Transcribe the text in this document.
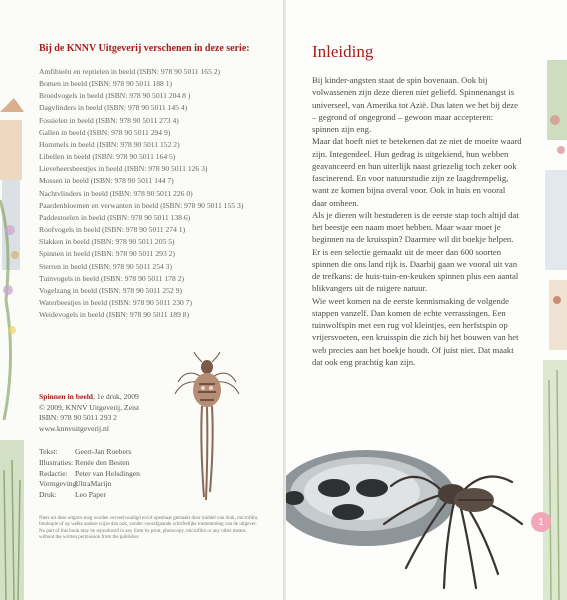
Bij de KNNV Uitgeverij verschenen in deze serie:
Amfibieën en reptielen in beeld (ISBN: 978 90 5011 165 2)
Bomen in beeld (ISBN: 978 90 5011 188 1)
Broedvogels in beeld (ISBN: 978 90 5011 204 8 )
Dagvlinders in beeld (ISBN: 978 90 5011 145 4)
Fossielen in beeld (ISBN: 978 90 5011 273 4)
Gallen in beeld (ISBN: 978 90 5011 294 9)
Hommels in beeld (ISBN: 978 90 5011 152 2)
Libellen in beeld (ISBN: 978 90 5011 164 5)
Lieveheersbeestjes in beeld (ISBN: 978 90 5011 126 3)
Mossen in beeld (ISBN: 978 90 5011 144 7)
Nachtvlinders in beeld (ISBN: 978 90 5011 226 0)
Paardenbloemen en verwanten in beeld (ISBN: 978 90 5011 155 3)
Paddestoelen in beeld (ISBN: 978 90 5011 138 6)
Roofvogels in beeld (ISBN: 978 90 5011 274 1)
Slakken in beeld (ISBN: 978 90 5011 205 5)
Spinnen in beeld (ISBN: 978 90 5011 293 2)
Sterren in beeld (ISBN: 978 90 5011 254 3)
Tuinvogels in beeld (ISBN: 978 90 5011 178 2)
Vogelzang in beeld (ISBN: 978 90 5011 252 9)
Waterbeestjes in beeld (ISBN: 978 90 5011 230 7)
Weidevogels in beeld (ISBN: 978 90 5011 189 8)
Spinnen in beeld, 1e druk, 2009
© 2009, KNNV Uitgeverij, Zeist
ISBN: 978 90 5011 293 2
www.knnvuitgeverij.nl
Tekst:	Geert-Jan Roebers
Illustraties: Renée den Besten
Redactie: Peter van Helsdingen
Vormgeving:
UltraMarijn
Druk:	Leo Paper
Niets uit deze uitgave mag worden verveelvoudigd en/of openbaar gemaakt door middel van druk, microfilm, fotokopie of op welke andere wijze dan ook, zonder voorafgaande schriftelijke toestemming van de uitgever.
No part of this book may be reproduced in any form by print, photocopy, microfilm or any other means without the written permission from the publisher.
Inleiding

Bij kinder-angsten staat de spin bovenaan. Ook bij volwassenen zijn deze dieren niet geliefd. Spinnenangst is universeel, van Amerika tot Azië. Dus laten we het bij deze – gegrond of ongegrond – gewoon maar accepteren: spinnen zijn eng.

Maar dat hoeft niet te betekenen dat ze niet de moeite waard zijn. Integendeel. Hun gedrag is uitgekiend, hun webben geavanceerd en hun uiterlijk naast griezelig toch zeker ook fascinerend. En voor natuurstudie zijn ze laagdrempelig, want ze komen bijna overal voor. Ook in huis en vooral daar omheen.

Als je dieren wilt bestuderen is de eerste stap toch altijd dat het beestje een naam moet hebben. Maar waar moet je beginnen na de kruisspin? Daarmee wil dit boekje helpen. Er is een selectie gemaakt uit de meer dan 600 soorten spinnen die ons land rijk is. Daarbij gaan we vooral uit van de trefkans: de huis-tuin-en-keuken spinnen plus een aantal blikvangers uit de ruigere natuur.

Wie weet komen na de eerste kennismaking de volgende stappen vanzelf. Dan komen de echte verrassingen. Een tuinwolfspin met een rug vol kleintjes, een herfstspin op vrijersvoeten, een kruisspin die zich bij het bouwen van het web precies aan het boekje houdt. Of juist niet. Dat maakt dat ook eng prachtig kan zijn.

1
